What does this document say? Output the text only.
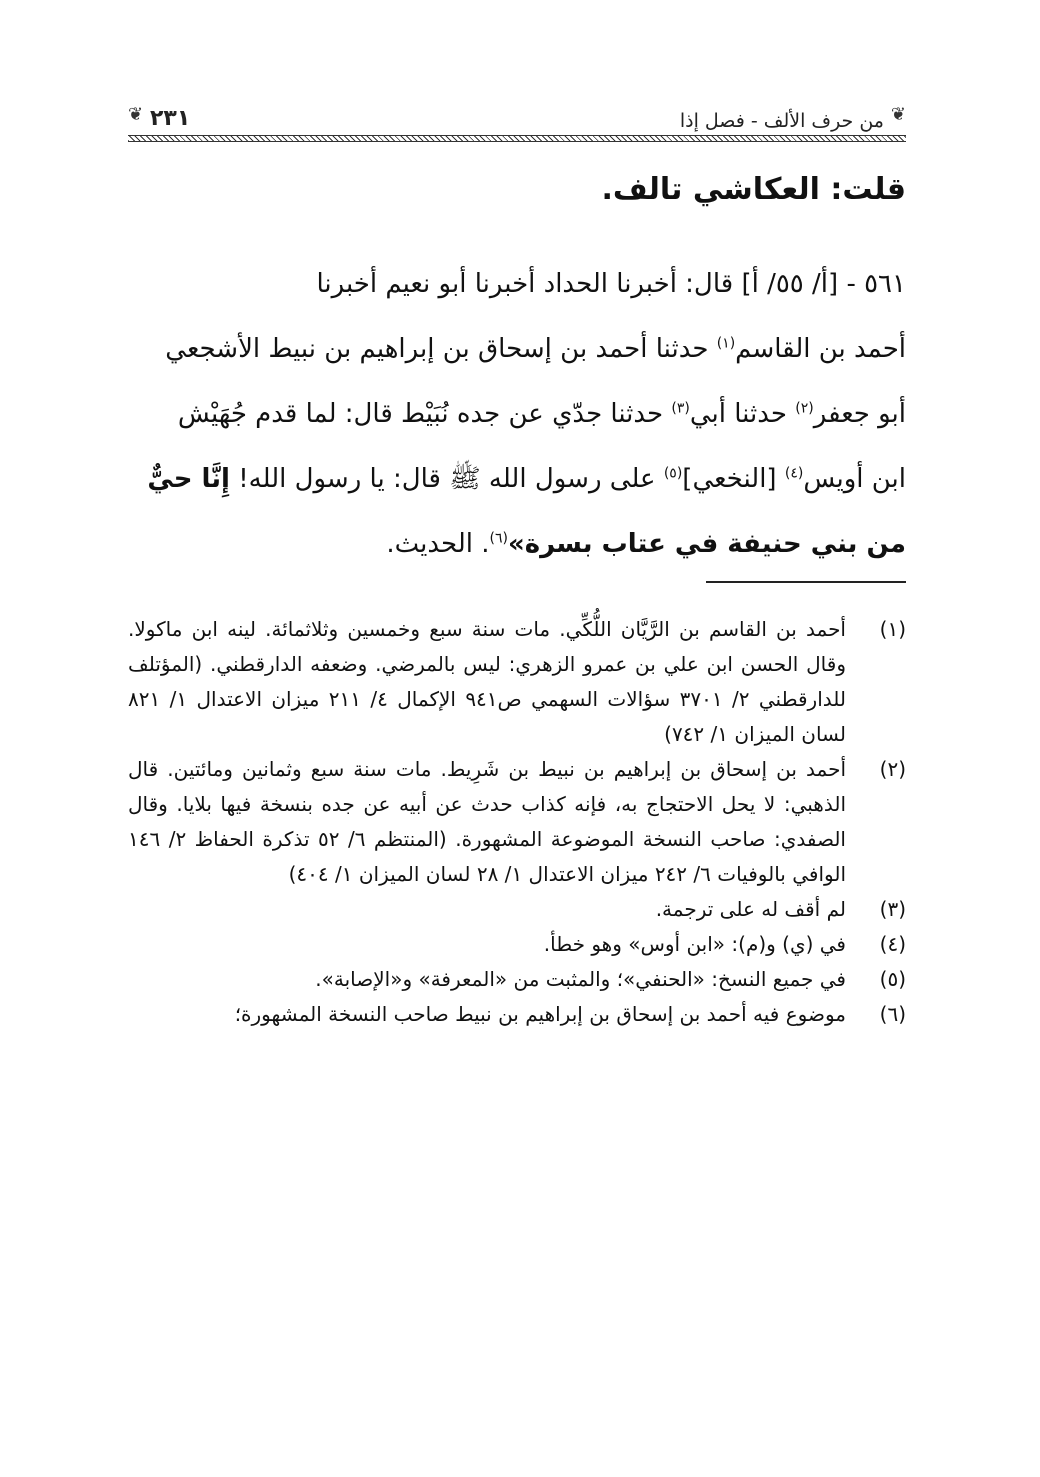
❦
من حرف الألف - فصل إذا
٢٣١
❦
قلت: العكاشي تالف.

٥٦١ - [أ/ ٥٥/ أ] قال: أخبرنا الحداد أخبرنا أبو نعيم أخبرنا

أحمد بن القاسم$^{(١)}$ حدثنا أحمد بن إسحاق بن إبراهيم بن نبيط الأشجعي

أبو جعفر$^{(٢)}$ حدثنا أبي$^{(٣)}$ حدثنا جدّي عن جده نُبَيْط قال: لما قدم جُهَيْش

ابن أويس$^{(٤)}$ [النخعي]$^{(٥)}$ على رسول الله ﷺ قال: يا رسول الله! إِنَّا حيٌّ

من بني حنيفة في عتاب بسرة»$^{(٦)}$. الحديث.

(١)
أحمد بن القاسم بن الرَّيَّان اللُّكِّي. مات سنة سبع وخمسين وثلاثمائة. لينه ابن ماكولا. وقال الحسن ابن علي بن عمرو الزهري: ليس بالمرضي. وضعفه الدارقطني. (المؤتلف للدارقطني ٢/ ٣٧٠١ سؤالات السهمي ص٩٤١ الإكمال ٤/ ٢١١ ميزان الاعتدال ١/ ٨٢١ لسان الميزان ١/ ٧٤٢)
(٢)
أحمد بن إسحاق بن إبراهيم بن نبيط بن شَرِيط. مات سنة سبع وثمانين ومائتين. قال الذهبي: لا يحل الاحتجاج به، فإنه كذاب حدث عن أبيه عن جده بنسخة فيها بلايا. وقال الصفدي: صاحب النسخة الموضوعة المشهورة. (المنتظم ٦/ ٥٢ تذكرة الحفاظ ٢/ ١٤٦ الوافي بالوفيات ٦/ ٢٤٢ ميزان الاعتدال ١/ ٢٨ لسان الميزان ١/ ٤٠٤)
(٣)
لم أقف له على ترجمة.
(٤)
في (ي) و(م): «ابن أوس» وهو خطأ.
(٥)
في جميع النسخ: «الحنفي»؛ والمثبت من «المعرفة» و«الإصابة».
(٦)
موضوع فيه أحمد بن إسحاق بن إبراهيم بن نبيط صاحب النسخة المشهورة؛
